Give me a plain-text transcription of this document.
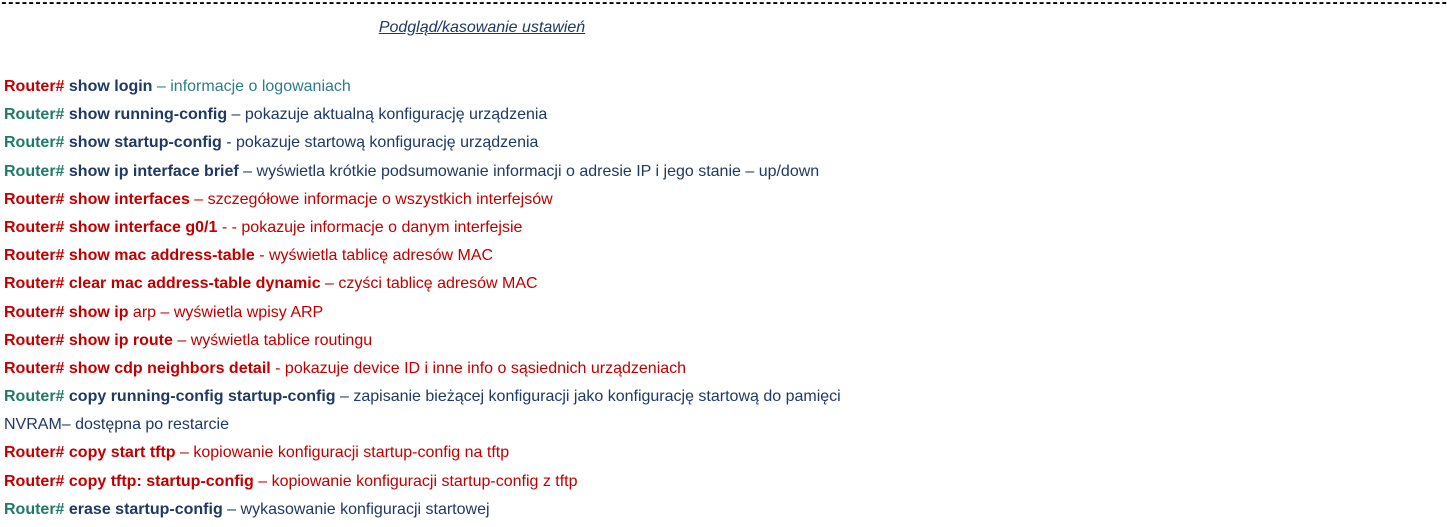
--------------------------------------------------------------------------------------------------------------------------------------------------------------------------------------------------------------------
Podgląd/kasowanie ustawień
Router# show login – informacje o logowaniach
Router# show running-config – pokazuje aktualną konfigurację urządzenia
Router# show startup-config - pokazuje startową konfigurację urządzenia
Router# show ip interface brief – wyświetla krótkie podsumowanie informacji o adresie IP i jego stanie – up/down
Router# show interfaces – szczegółowe informacje o wszystkich interfejsów
Router# show interface g0/1 - - pokazuje informacje o danym interfejsie
Router# show mac address-table - wyświetla tablicę adresów MAC
Router# clear mac address-table dynamic – czyści tablicę adresów MAC
Router# show ip arp – wyświetla wpisy ARP
Router# show ip route – wyświetla tablice routingu
Router# show cdp neighbors detail - pokazuje device ID i inne info o sąsiednich urządzeniach
Router# copy running-config startup-config – zapisanie bieżącej konfiguracji jako konfigurację startową do pamięci
NVRAM– dostępna po restarcie
Router# copy start tftp – kopiowanie konfiguracji startup-config na tftp
Router# copy tftp: startup-config – kopiowanie konfiguracji startup-config z tftp
Router# erase startup-config – wykasowanie konfiguracji startowej
